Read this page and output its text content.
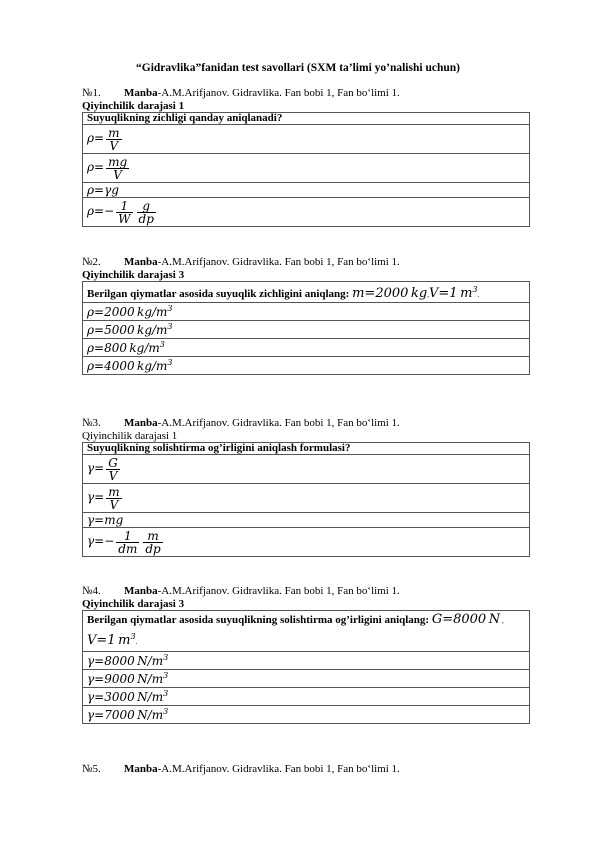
“Gidravlika”fanidan test savollari (SXM ta’limi yo’nalishi uchun)
№1. Manba-A.M.Arifjanov. Gidravlika. Fan bobi 1, Fan bo‘limi 1.
Qiyinchilik darajasi 1
Suyuqlikning zichligi qanday aniqlanadi?
$\rho= \frac{m}{V}$

$\rho= \frac{mg}{V}$

ρ=γg
$\rho=- \frac{1}{W} \frac{g}{dp}$
№2. Manba-A.M.Arifjanov. Gidravlika. Fan bobi 1, Fan bo‘limi 1.
Qiyinchilik darajasi 3
Berilgan qiymatlar asosida suyuqlik zichligini aniqlang: m=2000 kg,V=1 $m^3$.
ρ=2000 $kg/m^3$
ρ=5000 $kg/m^3$
ρ=800 $kg/m^3$
ρ=4000 $kg/m^3$
№3. Manba-A.M.Arifjanov. Gidravlika. Fan bobi 1, Fan bo‘limi 1.
Qiyinchilik darajasi 1
Suyuqlikning solishtirma og’irligini aniqlash formulasi?
$\gamma= \frac{G}{V}$

$\gamma= \frac{m}{V}$

γ=mg
$\gamma=- \frac{1}{dm} \frac{m}{dp}$
№4. Manba-A.M.Arifjanov. Gidravlika. Fan bobi 1, Fan bo‘limi 1.
Qiyinchilik darajasi 3
Berilgan qiymatlar asosida suyuqlikning solishtirma og’irligini aniqlang: G=8000 N ,
V=1 $m^3$.
γ=8000 $N/m^3$
γ=9000 $N/m^3$
γ=3000 $N/m^3$
γ=7000 $N/m^3$
№5. Manba-A.M.Arifjanov. Gidravlika. Fan bobi 1, Fan bo‘limi 1.
